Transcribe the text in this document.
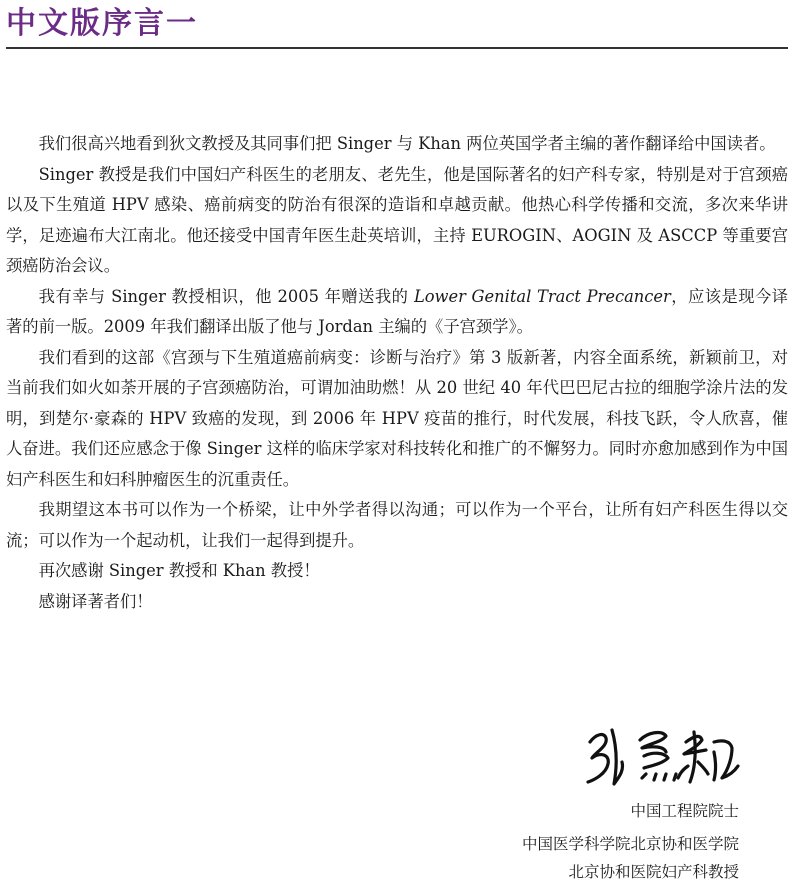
中文版序言一

我们很高兴地看到狄文教授及其同事们把 Singer 与 Khan 两位英国学者主编的著作翻译给中国读者。

Singer 教授是我们中国妇产科医生的老朋友、老先生，他是国际著名的妇产科专家，特别是对于宫颈癌以及下生殖道 HPV 感染、癌前病变的防治有很深的造诣和卓越贡献。他热心科学传播和交流，多次来华讲学，足迹遍布大江南北。他还接受中国青年医生赴英培训，主持 EUROGIN、AOGIN 及 ASCCP 等重要宫颈癌防治会议。

我有幸与 Singer 教授相识，他 2005 年赠送我的 Lower Genital Tract Precancer，应该是现今译著的前一版。2009 年我们翻译出版了他与 Jordan 主编的《子宫颈学》。

我们看到的这部《宫颈与下生殖道癌前病变：诊断与治疗》第 3 版新著，内容全面系统，新颖前卫，对当前我们如火如荼开展的子宫颈癌防治，可谓加油助燃！从 20 世纪 40 年代巴巴尼古拉的细胞学涂片法的发明，到楚尔·豪森的 HPV 致癌的发现，到 2006 年 HPV 疫苗的推行，时代发展，科技飞跃，令人欣喜，催人奋进。我们还应感念于像 Singer 这样的临床学家对科技转化和推广的不懈努力。同时亦愈加感到作为中国妇产科医生和妇科肿瘤医生的沉重责任。

我期望这本书可以作为一个桥梁，让中外学者得以沟通；可以作为一个平台，让所有妇产科医生得以交流；可以作为一个起动机，让我们一起得到提升。

再次感谢 Singer 教授和 Khan 教授！

感谢译著者们！

中国工程院院士
中国医学科学院北京协和医学院
北京协和医院妇产科教授
